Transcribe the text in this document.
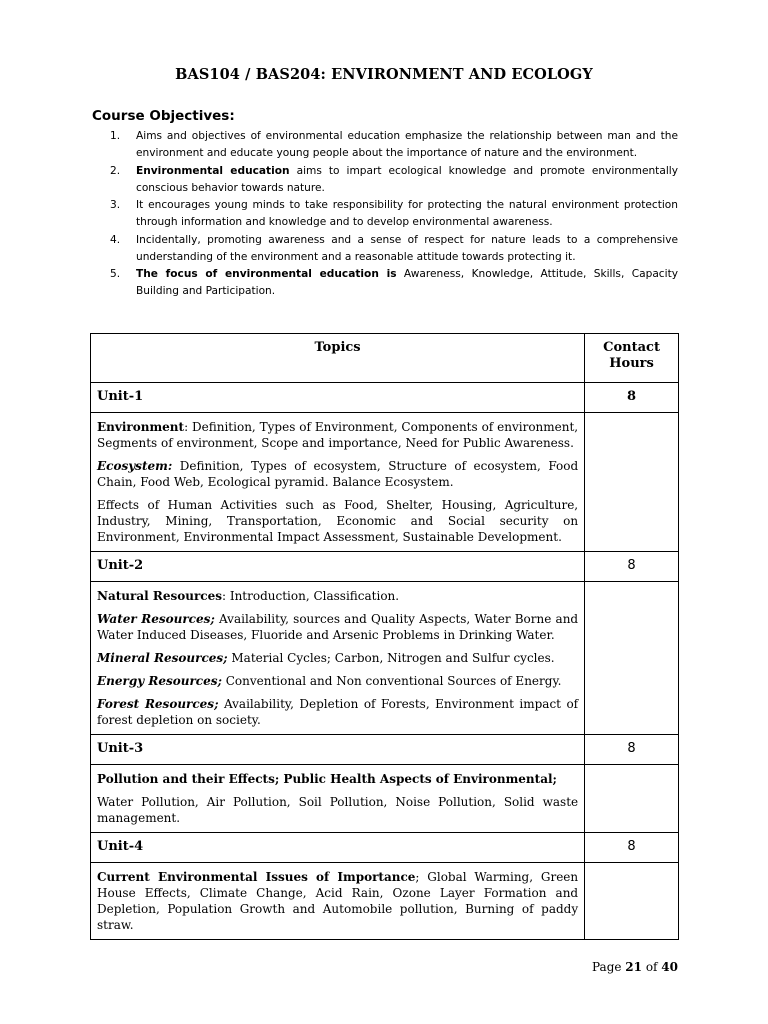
BAS104 / BAS204: ENVIRONMENT AND ECOLOGY
Course Objectives:
1. Aims and objectives of environmental education emphasize the relationship between man and the environment and educate young people about the importance of nature and the environment.
2. Environmental education aims to impart ecological knowledge and promote environmentally conscious behavior towards nature.
3. It encourages young minds to take responsibility for protecting the natural environment protection through information and knowledge and to develop environmental awareness.
4. Incidentally, promoting awareness and a sense of respect for nature leads to a comprehensive understanding of the environment and a reasonable attitude towards protecting it.
5. The focus of environmental education is Awareness, Knowledge, Attitude, Skills, Capacity Building and Participation.
Topics	Contact Hours
Unit-1	8

Environment: Definition, Types of Environment, Components of environment, Segments of environment, Scope and importance, Need for Public Awareness.

Ecosystem: Definition, Types of ecosystem, Structure of ecosystem, Food Chain, Food Web, Ecological pyramid. Balance Ecosystem.

Effects of Human Activities such as Food, Shelter, Housing, Agriculture, Industry, Mining, Transportation, Economic and Social security on Environment, Environmental Impact Assessment, Sustainable Development.	

Unit-2	8

Natural Resources: Introduction, Classification.

Water Resources; Availability, sources and Quality Aspects, Water Borne and Water Induced Diseases, Fluoride and Arsenic Problems in Drinking Water.

Mineral Resources; Material Cycles; Carbon, Nitrogen and Sulfur cycles.

Energy Resources; Conventional and Non conventional Sources of Energy.

Forest Resources; Availability, Depletion of Forests, Environment impact of forest depletion on society.	

Unit-3	8

Pollution and their Effects; Public Health Aspects of Environmental;

Water Pollution, Air Pollution, Soil Pollution, Noise Pollution, Solid waste management.	

Unit-4	8

Current Environmental Issues of Importance; Global Warming, Green House Effects, Climate Change, Acid Rain, Ozone Layer Formation and Depletion, Population Growth and Automobile pollution, Burning of paddy straw.	

Page 21 of 40
